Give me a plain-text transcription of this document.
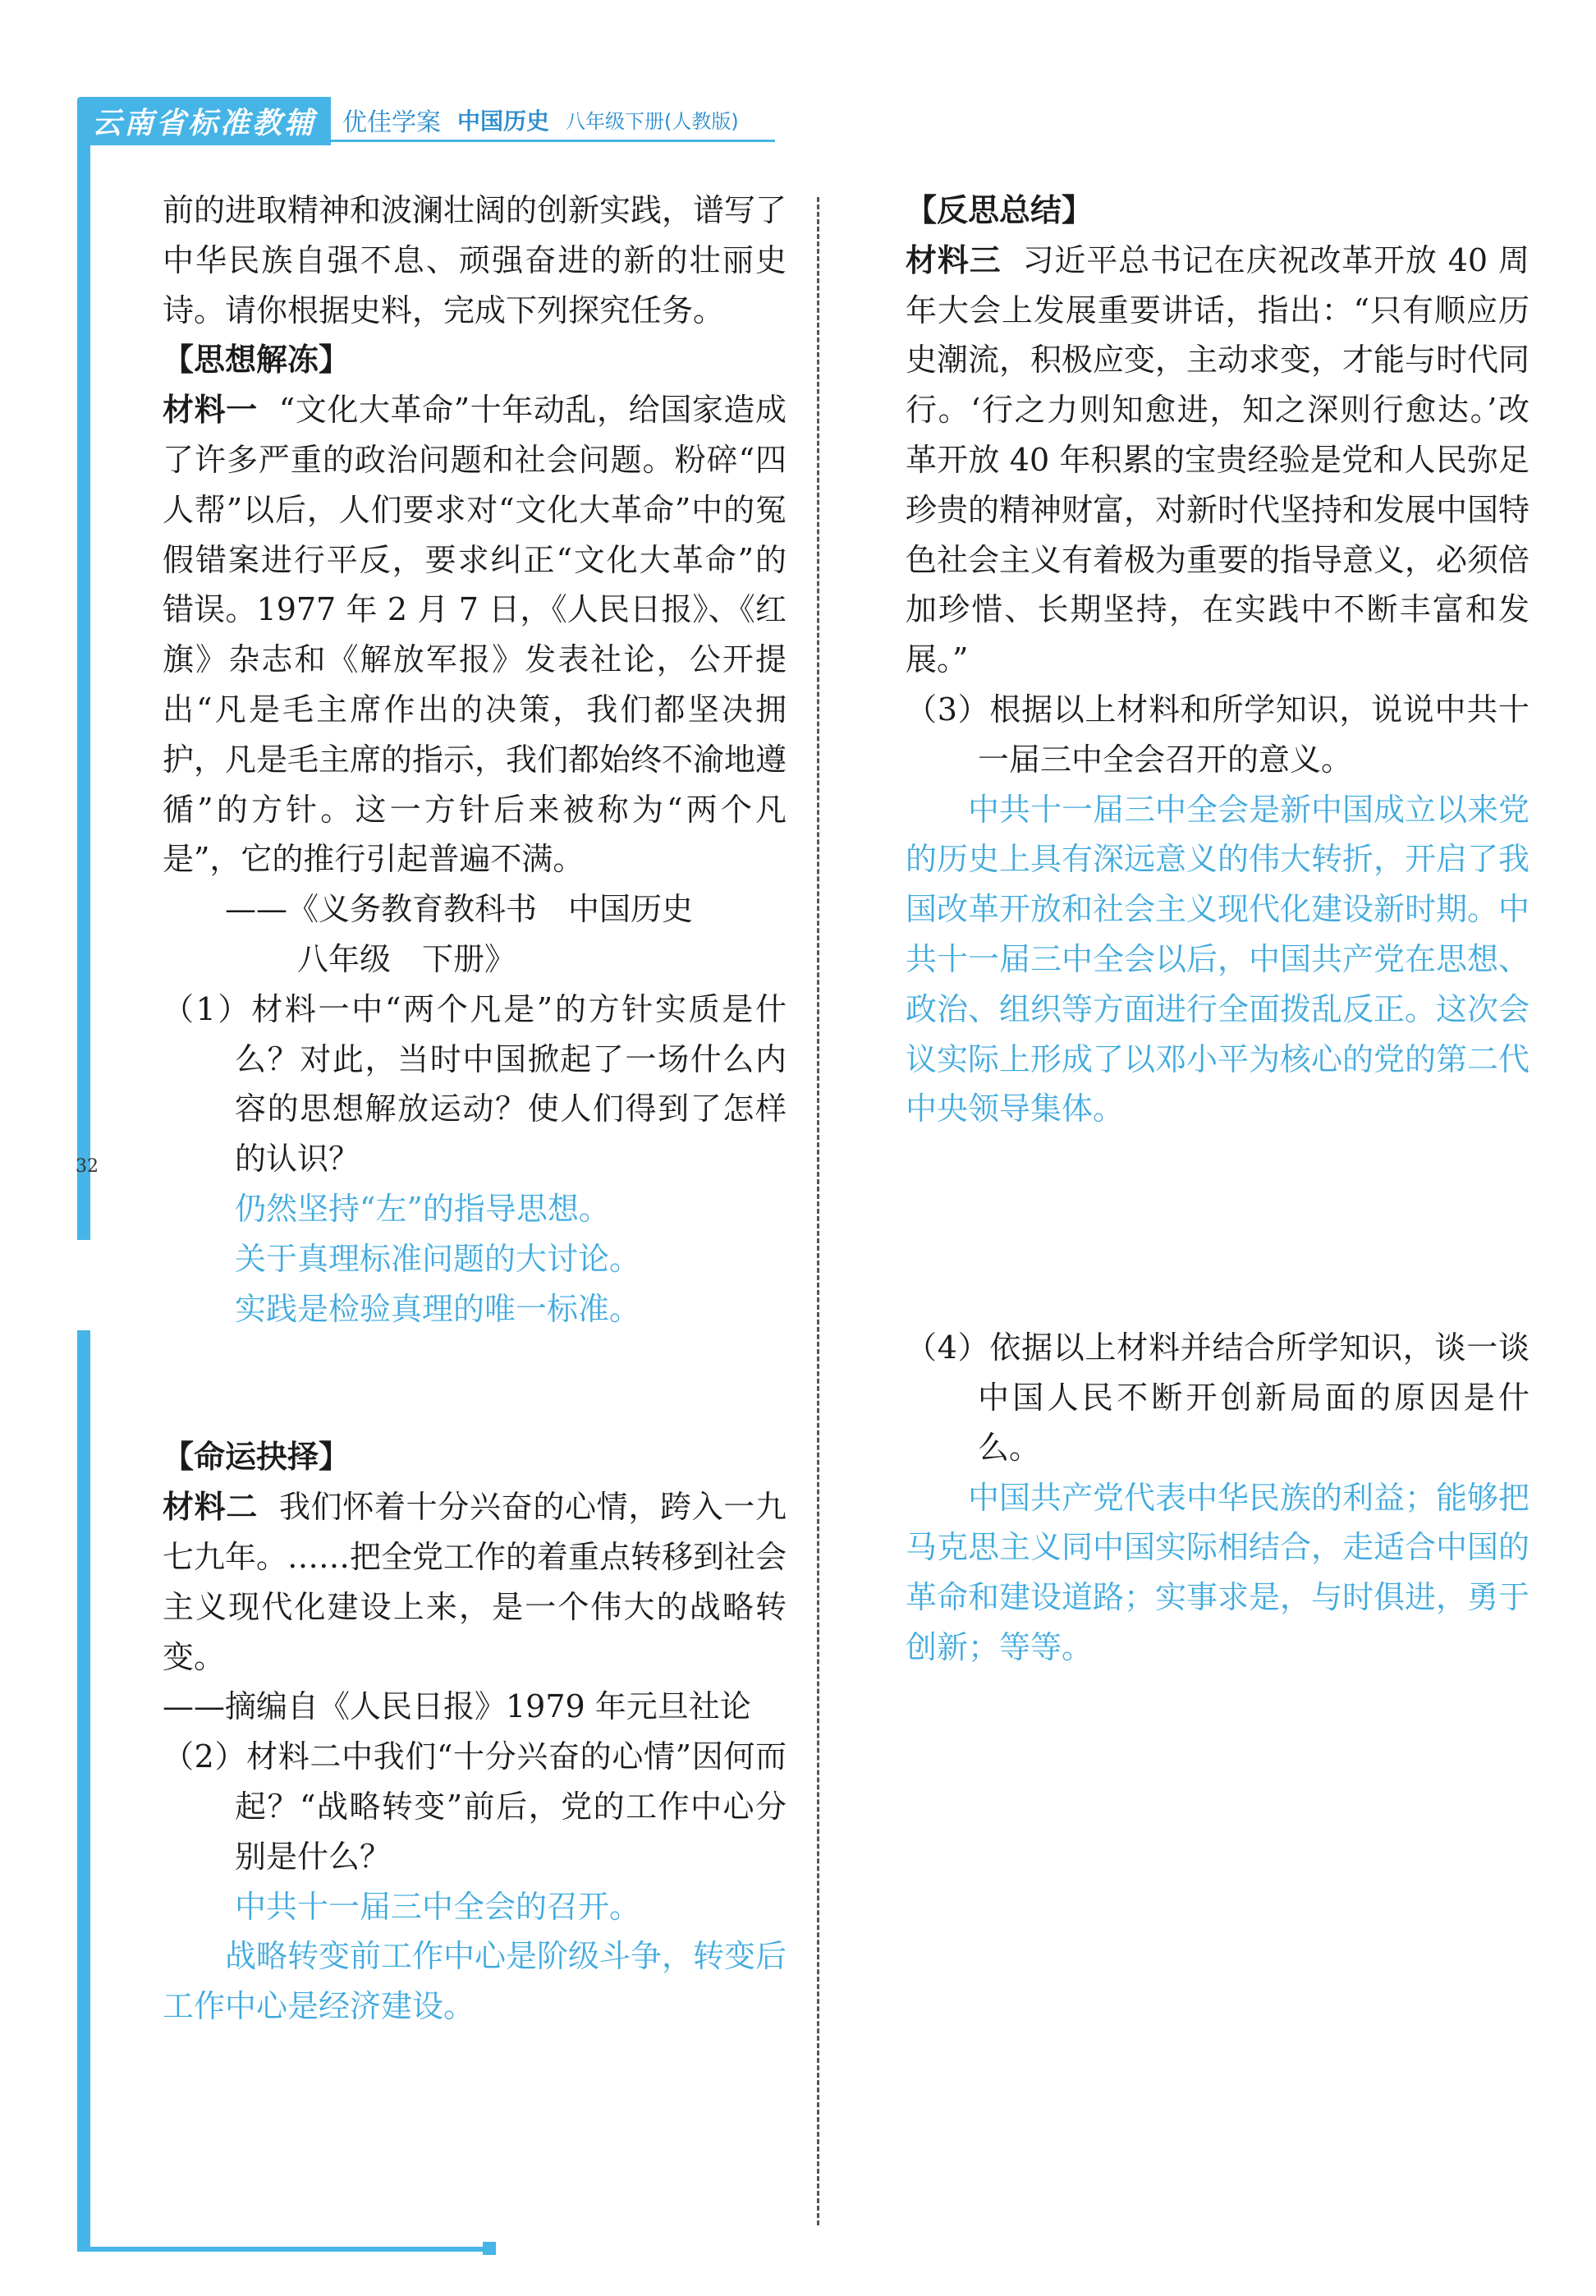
32
云南省标准教辅	优佳学案 中国历史 八年级下册(人教版)

前的进取精神和波澜壮阔的创新实践，谱写了中华民族自强不息、顽强奋进的新的壮丽史诗。请你根据史料，完成下列探究任务。

【思想解冻】

材料一 “文化大革命”十年动乱，给国家造成了许多严重的政治问题和社会问题。粉碎“四人帮”以后，人们要求对“文化大革命”中的冤假错案进行平反，要求纠正“文化大革命”的错误。1977 年 2 月 7 日，《人民日报》、《红旗》杂志和《解放军报》发表社论，公开提出“凡是毛主席作出的决策，我们都坚决拥护，凡是毛主席的指示，我们都始终不渝地遵循”的方针。这一方针后来被称为“两个凡是”，它的推行引起普遍不满。

——《义务教育教科书　中国历史

八年级　下册》

（1）材料一中“两个凡是”的方针实质是什么？对此，当时中国掀起了一场什么内容的思想解放运动？使人们得到了怎样的认识？

仍然坚持“左”的指导思想。

关于真理标准问题的大讨论。

实践是检验真理的唯一标准。

【命运抉择】

材料二 我们怀着十分兴奋的心情，跨入一九七九年。……把全党工作的着重点转移到社会主义现代化建设上来，是一个伟大的战略转变。

——摘编自《人民日报》1979 年元旦社论

（2）材料二中我们“十分兴奋的心情”因何而起？“战略转变”前后，党的工作中心分别是什么？

中共十一届三中全会的召开。

战略转变前工作中心是阶级斗争，转变后工作中心是经济建设。

【反思总结】

材料三 习近平总书记在庆祝改革开放 40 周年大会上发展重要讲话，指出：“只有顺应历史潮流，积极应变，主动求变，才能与时代同行。‘行之力则知愈进，知之深则行愈达。’改革开放 40 年积累的宝贵经验是党和人民弥足珍贵的精神财富，对新时代坚持和发展中国特色社会主义有着极为重要的指导意义，必须倍加珍惜、长期坚持，在实践中不断丰富和发展。”

（3）根据以上材料和所学知识，说说中共十一届三中全会召开的意义。

中共十一届三中全会是新中国成立以来党的历史上具有深远意义的伟大转折，开启了我国改革开放和社会主义现代化建设新时期。中共十一届三中全会以后，中国共产党在思想、政治、组织等方面进行全面拨乱反正。这次会议实际上形成了以邓小平为核心的党的第二代中央领导集体。

（4）依据以上材料并结合所学知识，谈一谈中国人民不断开创新局面的原因是什么。

中国共产党代表中华民族的利益；能够把马克思主义同中国实际相结合，走适合中国的革命和建设道路；实事求是，与时俱进，勇于创新；等等。
